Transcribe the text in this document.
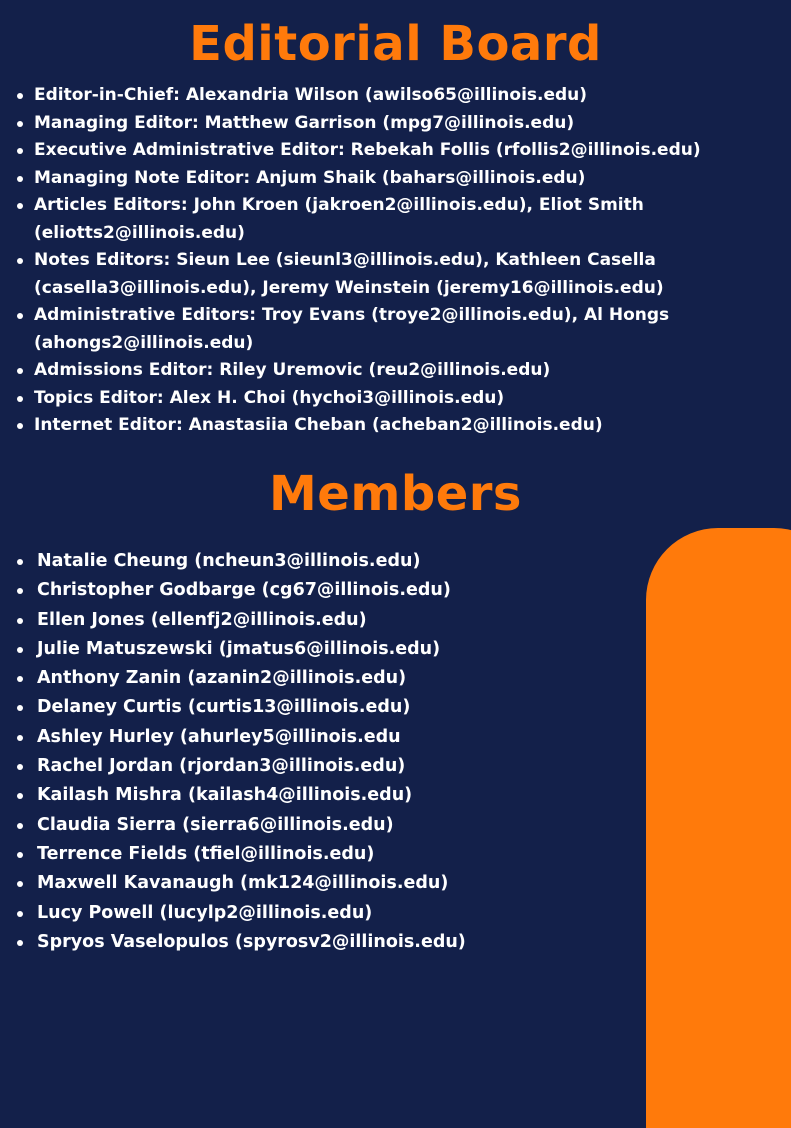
Editorial Board
Editor-in-Chief: Alexandria Wilson (awilso65@illinois.edu)
Managing Editor: Matthew Garrison (mpg7@illinois.edu)
Executive Administrative Editor: Rebekah Follis (rfollis2@illinois.edu)
Managing Note Editor: Anjum Shaik (bahars@illinois.edu)
Articles Editors: John Kroen (jakroen2@illinois.edu), Eliot Smith
(eliotts2@illinois.edu)
Notes Editors: Sieun Lee (sieunl3@illinois.edu), Kathleen Casella
(casella3@illinois.edu), Jeremy Weinstein (jeremy16@illinois.edu)
Administrative Editors: Troy Evans (troye2@illinois.edu), Al Hongs
(ahongs2@illinois.edu)
Admissions Editor: Riley Uremovic (reu2@illinois.edu)
Topics Editor: Alex H. Choi (hychoi3@illinois.edu)
Internet Editor: Anastasiia Cheban (acheban2@illinois.edu)
Members
Natalie Cheung (ncheun3@illinois.edu)
Christopher Godbarge (cg67@illinois.edu)
Ellen Jones (ellenfj2@illinois.edu)
Julie Matuszewski (jmatus6@illinois.edu)
Anthony Zanin (azanin2@illinois.edu)
Delaney Curtis (curtis13@illinois.edu)
Ashley Hurley (ahurley5@illinois.edu
Rachel Jordan (rjordan3@illinois.edu)
Kailash Mishra (kailash4@illinois.edu)
Claudia Sierra (sierra6@illinois.edu)
Terrence Fields (tfiel@illinois.edu)
Maxwell Kavanaugh (mk124@illinois.edu)
Lucy Powell (lucylp2@illinois.edu)
Spryos Vaselopulos (spyrosv2@illinois.edu)
